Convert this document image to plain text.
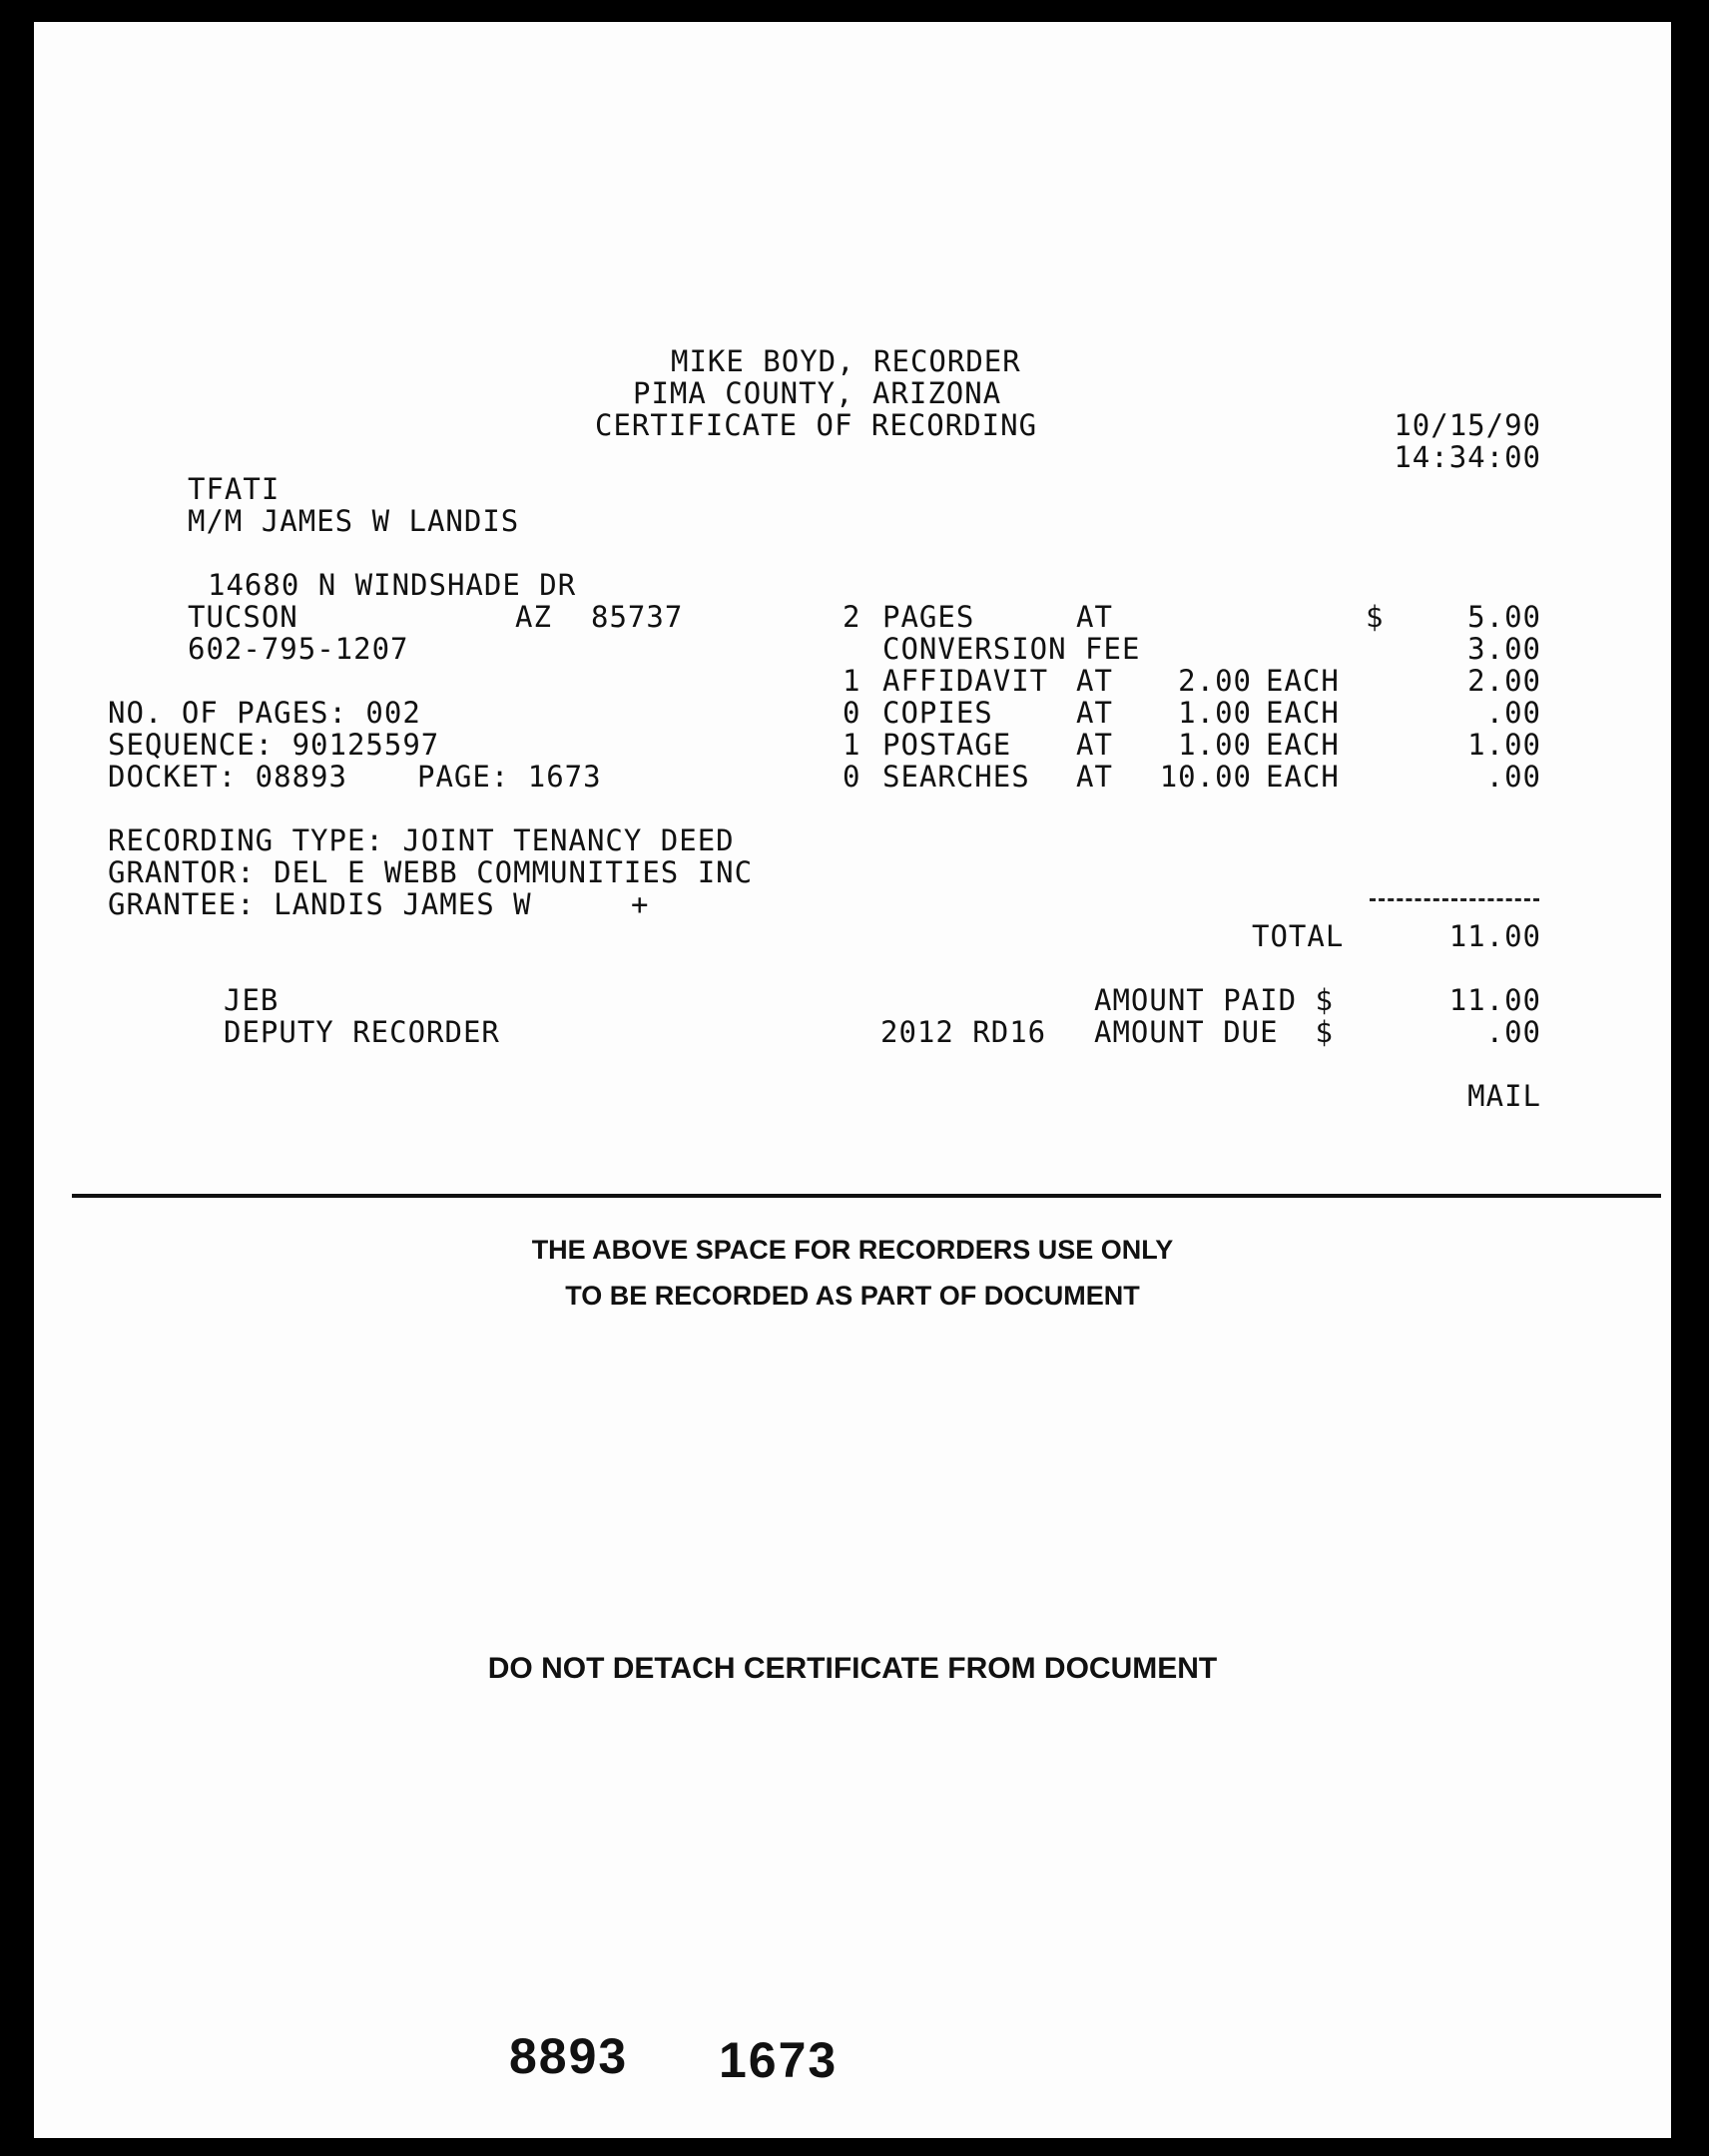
MIKE BOYD, RECORDER
PIMA COUNTY, ARIZONA
CERTIFICATE OF RECORDING	10/15/90
14:34:00
TFATI
M/M JAMES W LANDIS
14680 N WINDSHADE DR
TUCSON	AZ 85737
602-795-1207
NO. OF PAGES: 002
SEQUENCE: 90125597
DOCKET: 08893 PAGE: 1673
RECORDING TYPE: JOINT TENANCY DEED
GRANTOR: DEL E WEBB COMMUNITIES INC
GRANTEE: LANDIS JAMES W	+
2 PAGES	AT	$	5.00
CONVERSION FEE	3.00
1 AFFIDAVIT AT	2.00 EACH	2.00
0 COPIES	AT	1.00 EACH	.00
1 POSTAGE AT	1.00 EACH	1.00
0 SEARCHES AT	10.00 EACH	.00
TOTAL	11.00
JEB	AMOUNT PAID $	11.00
DEPUTY RECORDER	2012 RD16 AMOUNT DUE  $	.00
MAIL
THE ABOVE SPACE FOR RECORDERS USE ONLY
TO BE RECORDED AS PART OF DOCUMENT
DO NOT DETACH CERTIFICATE FROM DOCUMENT
8893 1673
